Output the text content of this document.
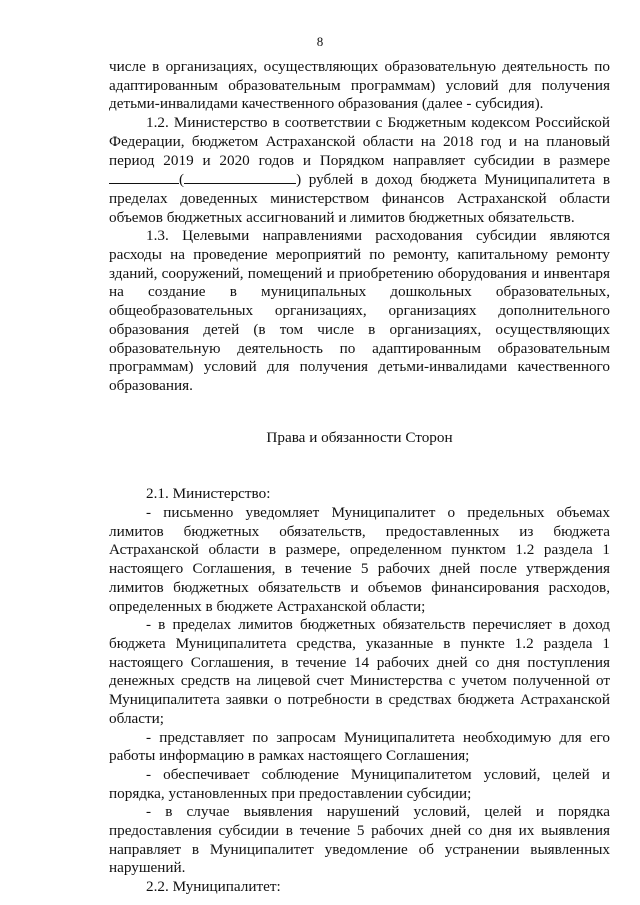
8

числе в организациях, осуществляющих образовательную деятельность по адаптированным образовательным программам) условий для получения детьми-инвалидами качественного образования (далее - субсидия).

1.2. Министерство в соответствии с Бюджетным кодексом Российской Федерации, бюджетом Астраханской области на 2018 год и на плановый период 2019 и 2020 годов и Порядком направляет субсидии в размере (	) рублей в доход бюджета Муниципалитета в пределах доведенных министерством финансов Астраханской области объемов бюджетных ассигнований и лимитов бюджетных обязательств.

1.3. Целевыми направлениями расходования субсидии являются расходы на проведение мероприятий по ремонту, капитальному ремонту зданий, сооружений, помещений и приобретению оборудования и инвентаря на создание в муниципальных дошкольных образовательных, общеобразовательных организациях, организациях дополнительного образования детей (в том числе в организациях, осуществляющих образовательную деятельность по адаптированным образовательным программам) условий для получения детьми-инвалидами качественного образования.

Права и обязанности Сторон

2.1. Министерство:

- письменно уведомляет Муниципалитет о предельных объемах лимитов бюджетных обязательств, предоставленных из бюджета Астраханской области в размере, определенном пунктом 1.2 раздела 1 настоящего Соглашения, в течение 5 рабочих дней после утверждения лимитов бюджетных обязательств и объемов финансирования расходов, определенных в бюджете Астраханской области;

- в пределах лимитов бюджетных обязательств перечисляет в доход бюджета Муниципалитета средства, указанные в пункте 1.2 раздела 1 настоящего Соглашения, в течение 14 рабочих дней со дня поступления денежных средств на лицевой счет Министерства с учетом полученной от Муниципалитета заявки о потребности в средствах бюджета Астраханской области;

- представляет по запросам Муниципалитета необходимую для его работы информацию в рамках настоящего Соглашения;

- обеспечивает соблюдение Муниципалитетом условий, целей и порядка, установленных при предоставлении субсидии;

- в случае выявления нарушений условий, целей и порядка предоставления субсидии в течение 5 рабочих дней со дня их выявления направляет в Муниципалитет уведомление об устранении выявленных нарушений.

2.2. Муниципалитет:
